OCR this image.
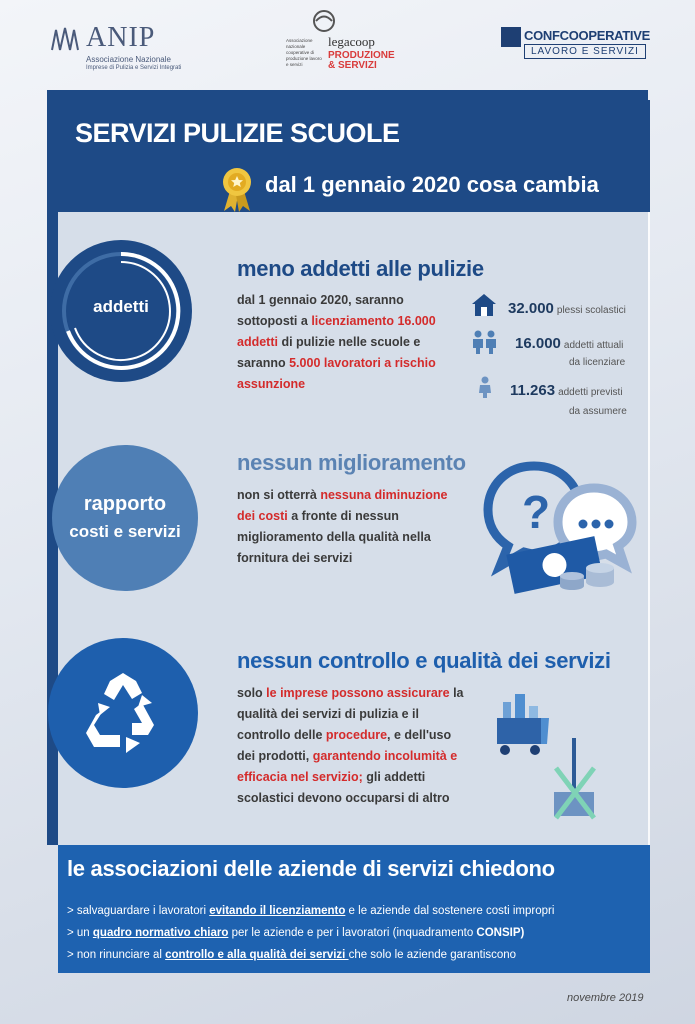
ANIP
Associazione Nazionale
Imprese di Pulizia e Servizi Integrati
Associazione nazionale cooperative di produzione lavoro e servizi
legacoop
PRODUZIONE
& SERVIZI
CONFCOOPERATIVE
LAVORO E SERVIZI
SERVIZI PULIZIE SCUOLE
dal 1 gennaio 2020 cosa cambia
addetti
meno addetti alle pulizie
dal 1 gennaio 2020, saranno sottoposti a licenziamento 16.000 addetti di pulizie nelle scuole e saranno 5.000 lavoratori a rischio assunzione
32.000 plessi scolastici
16.000 addetti attuali
da licenziare
11.263 addetti previsti
da assumere
rapporto
costi e servizi
nessun miglioramento
non si otterrà nessuna diminuzione dei costi a fronte di nessun miglioramento della qualità nella fornitura dei servizi
?
nessun controllo e qualità dei servizi
solo le imprese possono assicurare la qualità dei servizi di pulizia e il controllo delle procedure, e dell'uso dei prodotti, garantendo incolumità e efficacia nel servizio; gli addetti scolastici devono occuparsi di altro
le associazioni delle aziende di servizi chiedono
> salvaguardare i lavoratori evitando il licenziamento e le aziende dal sostenere costi impropri
> un quadro normativo chiaro per le aziende e per i lavoratori (inquadramento CONSIP)
> non rinunciare al controllo e alla qualità dei servizi che solo le aziende garantiscono
novembre 2019
